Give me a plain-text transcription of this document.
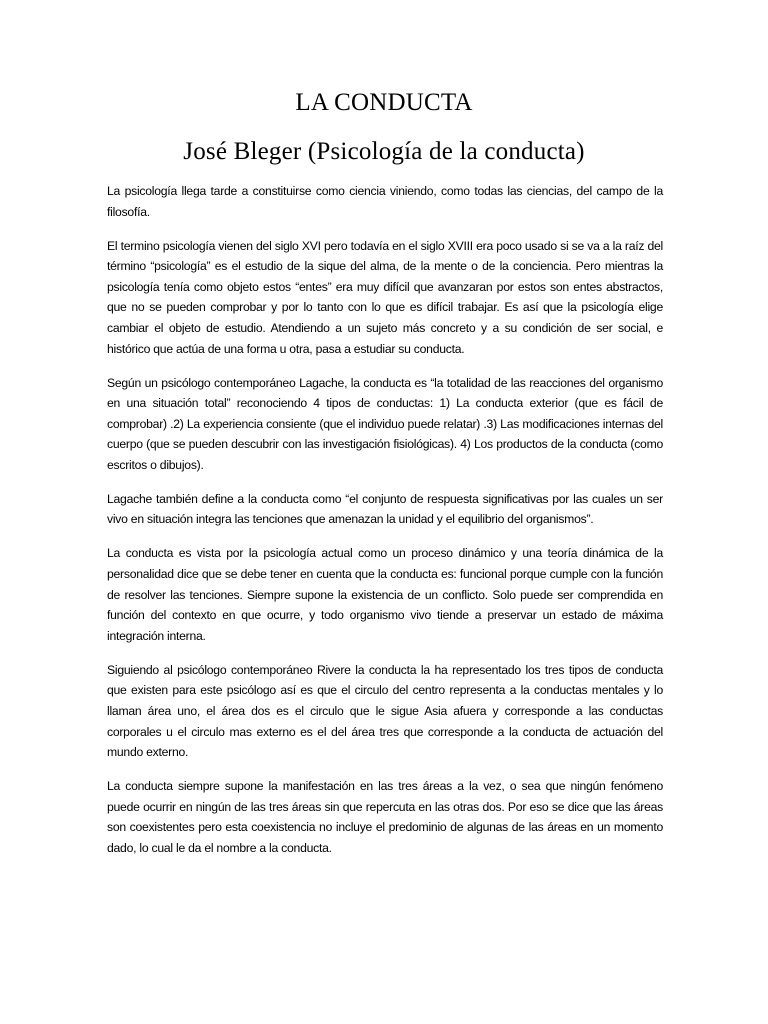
LA CONDUCTA
José Bleger (Psicología de la conducta)

La psicología llega tarde a constituirse como ciencia viniendo, como todas las ciencias, del campo de la filosofía.

El termino psicología vienen del siglo XVI pero todavía en el siglo XVIII era poco usado si se va a la raíz del término “psicología” es el estudio de la sique del alma, de la mente o de la conciencia. Pero mientras la psicología tenía como objeto estos “entes” era muy difícil que avanzaran por estos son entes abstractos, que no se pueden comprobar y por lo tanto con lo que es difícil trabajar. Es así que la psicología elige cambiar el objeto de estudio. Atendiendo a un sujeto más concreto y a su condición de ser social, e histórico que actúa de una forma u otra, pasa a estudiar su conducta.

Según un psicólogo contemporáneo Lagache, la conducta es “la totalidad de las reacciones del organismo en una situación total” reconociendo 4 tipos de conductas: 1) La conducta exterior (que es fácil de comprobar) .2) La experiencia consiente (que el individuo puede relatar) .3) Las modificaciones internas del cuerpo (que se pueden descubrir con las investigación fisiológicas). 4) Los productos de la conducta (como escritos o dibujos).

Lagache también define a la conducta como “el conjunto de respuesta significativas por las cuales un ser vivo en situación integra las tenciones que amenazan la unidad y el equilibrio del organismos”.

La conducta es vista por la psicología actual como un proceso dinámico y una teoría dinámica de la personalidad dice que se debe tener en cuenta que la conducta es: funcional porque cumple con la función de resolver las tenciones. Siempre supone la existencia de un conflicto. Solo puede ser comprendida en función del contexto en que ocurre, y todo organismo vivo tiende a preservar un estado de máxima integración interna.

Siguiendo al psicólogo contemporáneo Rivere la conducta la ha representado los tres tipos de conducta que existen para este psicólogo así es que el circulo del centro representa a la conductas mentales y lo llaman área uno, el área dos es el circulo que le sigue Asia afuera y corresponde a las conductas corporales u el circulo mas externo es el del área tres que corresponde a la conducta de actuación del mundo externo.

La conducta siempre supone la manifestación en las tres áreas a la vez, o sea que ningún fenómeno puede ocurrir en ningún de las tres áreas sin que repercuta en las otras dos. Por eso se dice que las áreas son coexistentes pero esta coexistencia no incluye el predominio de algunas de las áreas en un momento dado, lo cual le da el nombre a la conducta.
